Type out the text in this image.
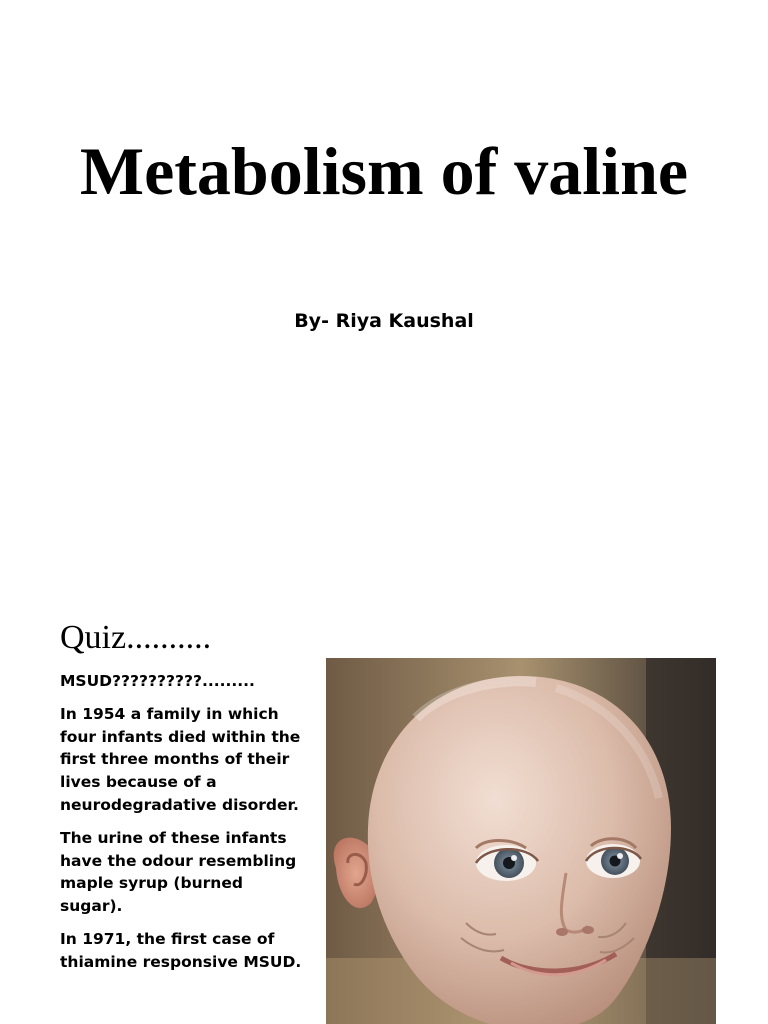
Metabolism of valine
By- Riya Kaushal
Quiz..........

MSUD??????????.........

In 1954 a family in which four infants died within the first three months of their lives because of a neurodegradative disorder.

The urine of these infants have the odour resembling maple syrup (burned sugar).

In 1971, the first case of thiamine responsive MSUD.
